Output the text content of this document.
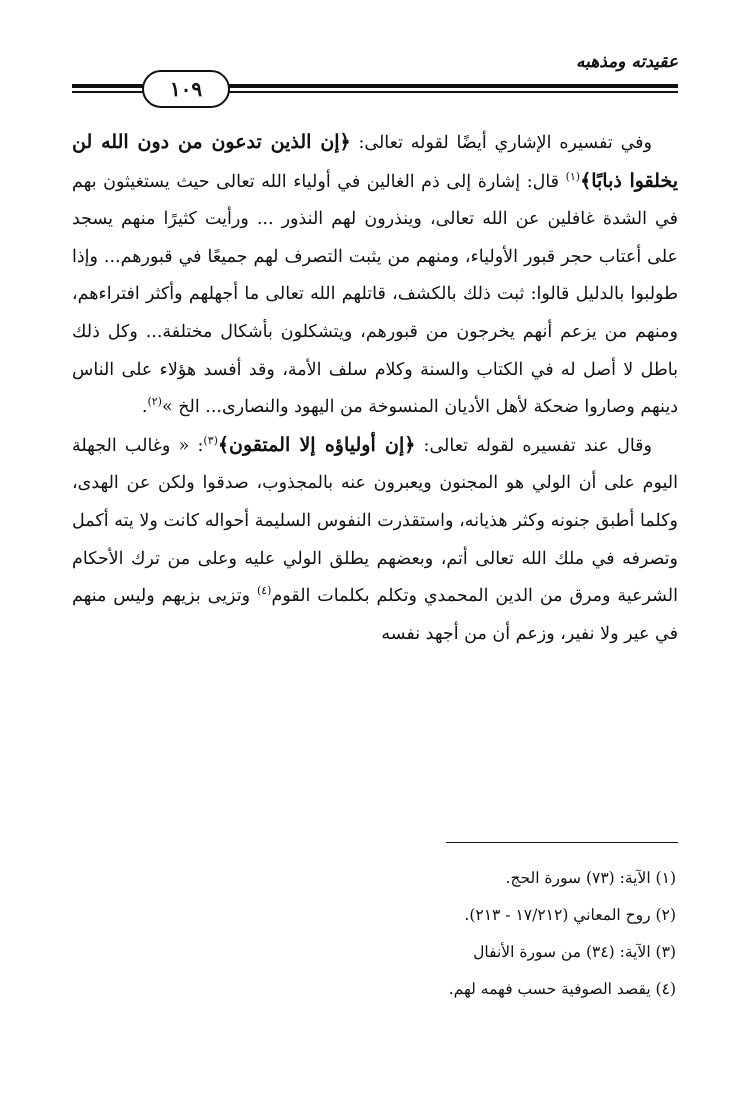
عقيدته ومذهبه
١٠٩

وفي تفسيره الإشاري أيضًا لقوله تعالى: ﴿إن الذين تدعون من دون الله لن يخلقوا ذبابًا﴾$^{(١)}$ قال: إشارة إلى ذم الغالين في أولياء الله تعالى حيث يستغيثون بهم في الشدة غافلين عن الله تعالى، وينذرون لهم النذور ... ورأيت كثيرًا منهم يسجد على أعتاب حجر قبور الأولياء، ومنهم من يثبت التصرف لهم جميعًا في قبورهم... وإذا طولبوا بالدليل قالوا: ثبت ذلك بالكشف، قاتلهم الله تعالى ما أجهلهم وأكثر افتراءهم، ومنهم من يزعم أنهم يخرجون من قبورهم، ويتشكلون بأشكال مختلفة... وكل ذلك باطل لا أصل له في الكتاب والسنة وكلام سلف الأمة، وقد أفسد هؤلاء على الناس دينهم وصاروا ضحكة لأهل الأديان المنسوخة من اليهود والنصارى... الخ »$^{(٢)}$.

وقال عند تفسيره لقوله تعالى: ﴿إن أولياؤه إلا المتقون﴾$^{(٣)}$: « وغالب الجهلة اليوم على أن الولي هو المجنون ويعبرون عنه بالمجذوب، صدقوا ولكن عن الهدى، وكلما أطبق جنونه وكثر هذيانه، واستقذرت النفوس السليمة أحواله كانت ولا يته أكمل وتصرفه في ملك الله تعالى أتم، وبعضهم يطلق الولي عليه وعلى من ترك الأحكام الشرعية ومرق من الدين المحمدي وتكلم بكلمات القوم$^{(٤)}$ وتزيى بزيهم وليس منهم في عير ولا نفير، وزعم أن من أجهد نفسه

(١) الآية: (٧٣) سورة الحج.

(٢) روح المعاني (١٧/٢١٢ - ٢١٣).

(٣) الآية: (٣٤) من سورة الأنفال

(٤) يقصد الصوفية حسب فهمه لهم.
